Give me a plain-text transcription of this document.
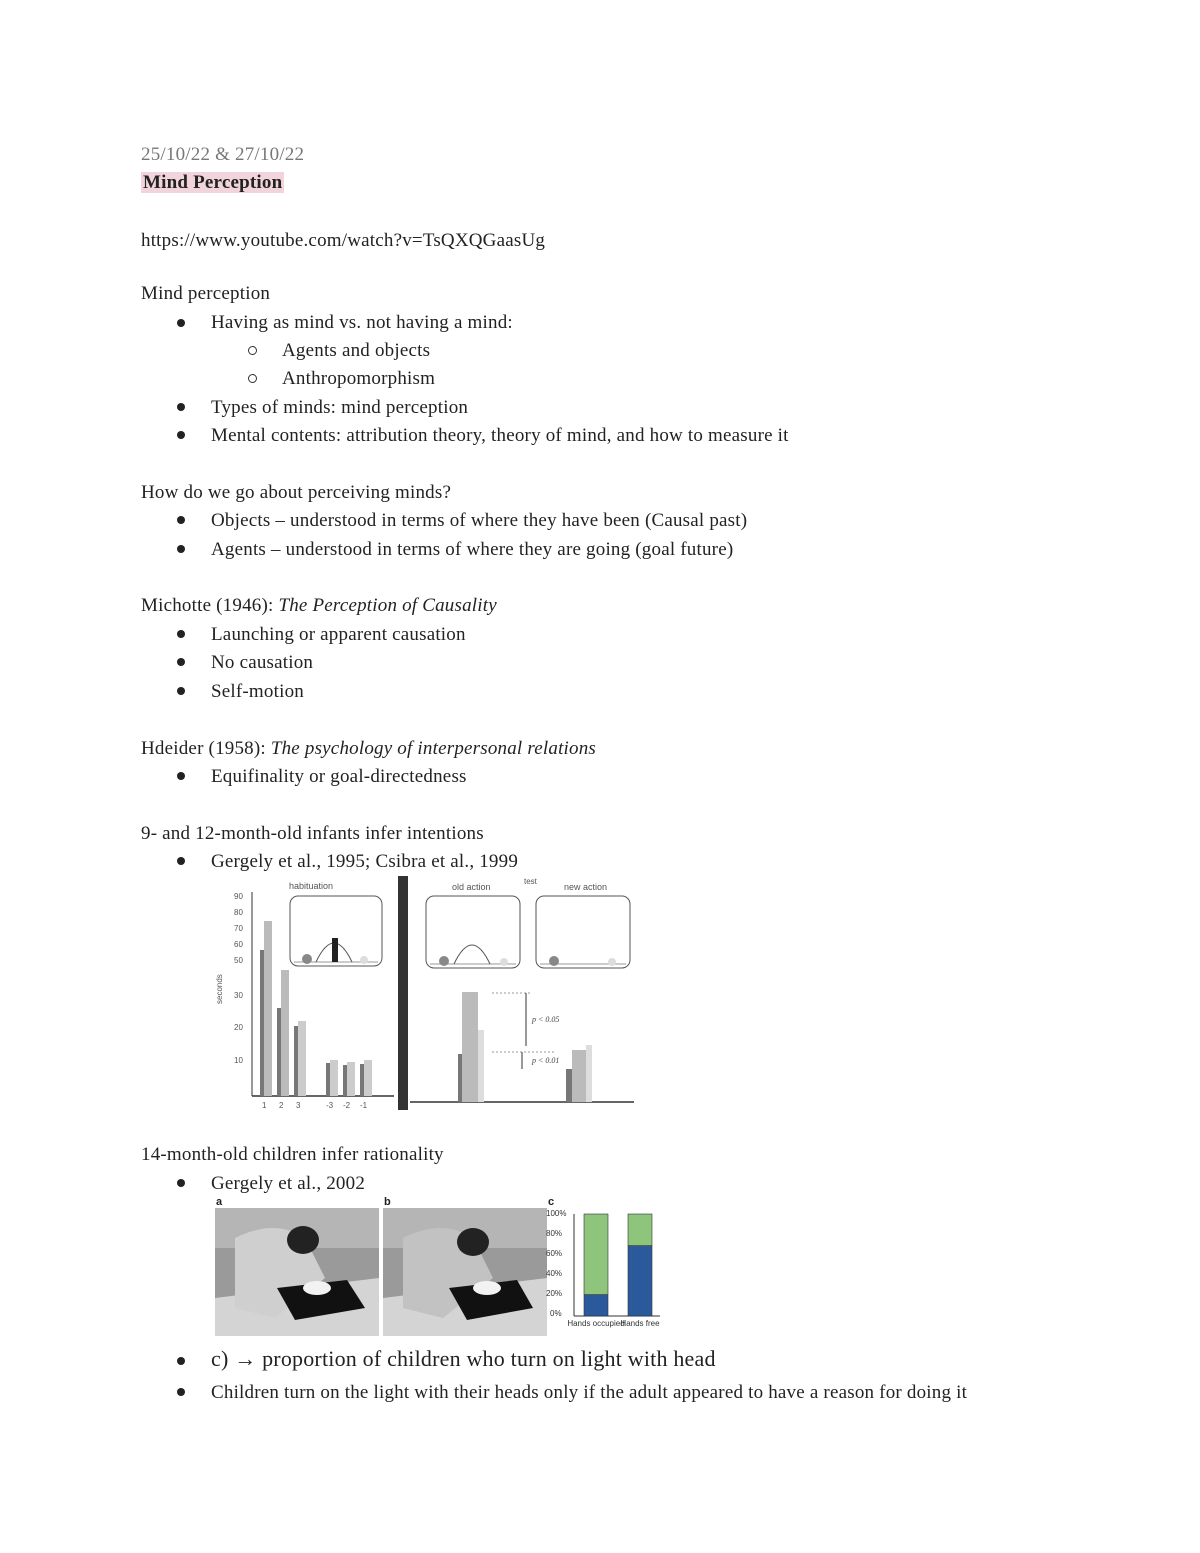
25/10/22 & 27/10/22
Mind Perception
https://www.youtube.com/watch?v=TsQXQGaasUg
Mind perception
Having as mind vs. not having a mind:
Agents and objects
Anthropomorphism
Types of minds: mind perception
Mental contents: attribution theory, theory of mind, and how to measure it
How do we go about perceiving minds?
Objects – understood in terms of where they have been (Causal past)
Agents – understood in terms of where they are going (goal future)
Michotte (1946): The Perception of Causality
Launching or apparent causation
No causation
Self-motion
Hdeider (1958): The psychology of interpersonal relations
Equifinality or goal-directedness
9- and 12-month-old infants infer intentions
Gergely et al., 1995; Csibra et al., 1999
habituation
seconds
90
80
70
60
50
30
20
10
1 2 3	-3 -2 -1
test
old action	new action
p < 0.05
p < 0.01
14-month-old children infer rationality
Gergely et al., 2002
a	b	c
100%
80%
60%
40%
20%
0%
Hands occupied
Hands free
c) → proportion of children who turn on light with head
Children turn on the light with their heads only if the adult appeared to have a reason for doing it
